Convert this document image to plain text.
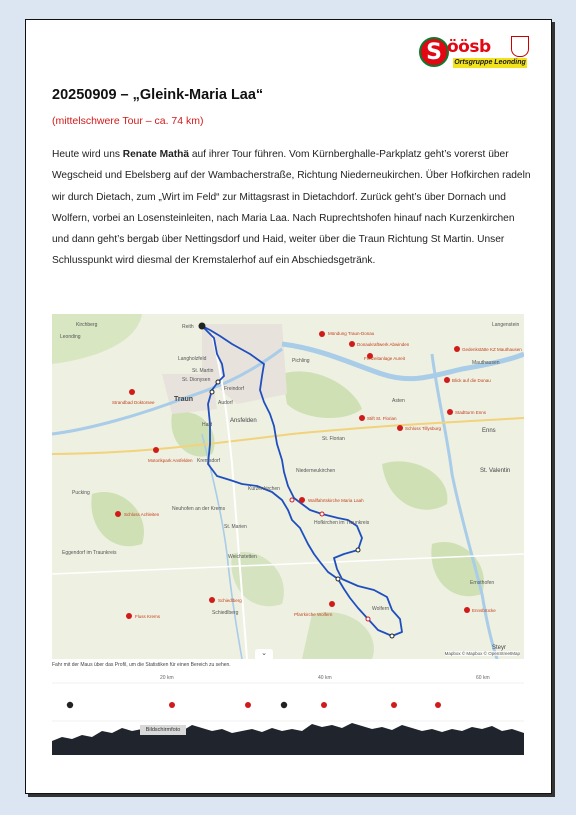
S öösb
Ortsgruppe Leonding
20250909 – „Gleink-Maria Laa“
(mittelschwere Tour – ca. 74 km)
Heute wird uns Renate Mathä auf ihrer Tour führen. Vom Kürnberghalle-Parkplatz geht’s vorerst über Wegscheid und Ebelsberg auf der Wambacherstraße, Richtung Niederneukirchen. Über Hofkirchen radeln wir durch Dietach, zum „Wirt im Feld“ zur Mittagsrast in Dietachdorf. Zurück geht’s über Dornach und Wolfern, vorbei an Losensteinleiten, nach Maria Laa. Nach Ruprechtshofen hinauf nach Kurzenkirchen und dann geht’s bergab über Nettingsdorf und Haid, weiter über die Traun Richtung St Martin. Unser Schlusspunkt wird diesmal der Kremstalerhof auf ein Abschiedsgetränk.
Kirchberg	Reith
Leonding
Langholzfeld
St. Martin
Traun
St. Dionysen
Ansfelden
Freindorf
Audorf
Haid
Kremsdorf
Neuhofen an der Krems
St. Marien
Weichstetten
Kurzenkirchen
Pichling
Asten
Enns
St. Florian
Hofkirchen im Traunkreis
Niederneukirchen
Wolfern
Schiedlberg
St. Valentin
Ernsthofen
Steyr
Mauthausen
Langenstein
Pucking
Eggendorf im Traunkreis
Mündung Traun-Donau
Donaukraftwerk Abwinden
Freizeitanlage Aureit
Gedenkstätte KZ Mauthausen
Blick auf die Donau
Strandbad Doktorsee
Motorikpark Ansfelden
Stift St. Florian
Schloss Tillysburg
Stadtturm Enns
Wallfahrtskirche Maria Laah
Pfarrkirche Wolfern
Schloss Achleiten
Schiedlberg
Fluss Krems
Ennsbrücke
Mapbox © Mapbox © OpenStreetMap
⌄
Fahr mit der Maus über das Profil, um die Statistiken für einen Bereich zu sehen.
20 km	40 km	60 km
Bildschirmfoto
